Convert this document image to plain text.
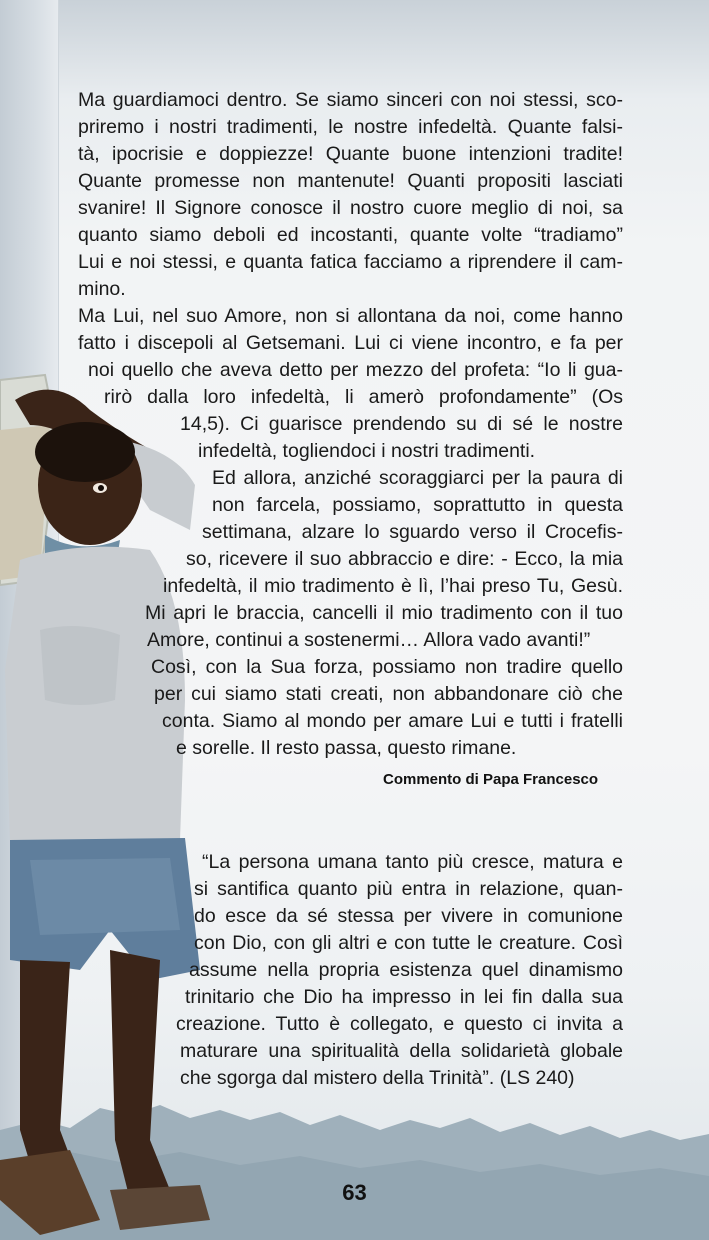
Ma guardiamoci dentro. Se siamo sinceri con noi stessi, sco-
priremo i nostri tradimenti, le nostre infedeltà. Quante falsi-
tà, ipocrisie e doppiezze! Quante buone intenzioni tradite!
Quante promesse non mantenute! Quanti propositi lasciati
svanire! Il Signore conosce il nostro cuore meglio di noi, sa
quanto siamo deboli ed incostanti, quante volte “tradiamo”
Lui e noi stessi, e quanta fatica facciamo a riprendere il cam-
mino.
Ma Lui, nel suo Amore, non si allontana da noi, come hanno
fatto i discepoli al Getsemani. Lui ci viene incontro, e fa per
noi quello che aveva detto per mezzo del profeta: “Io li gua-
rirò dalla loro infedeltà, li amerò profondamente” (Os
14,5). Ci guarisce prendendo su di sé le nostre
infedeltà, togliendoci i nostri tradimenti.
Ed allora, anziché scoraggiarci per la paura di
non farcela, possiamo, soprattutto in questa
settimana, alzare lo sguardo verso il Crocefis-
so, ricevere il suo abbraccio e dire: - Ecco, la mia
infedeltà, il mio tradimento è lì, l’hai preso Tu, Gesù.
Mi apri le braccia, cancelli il mio tradimento con il tuo
Amore, continui a sostenermi… Allora vado avanti!”
Così, con la Sua forza, possiamo non tradire quello
per cui siamo stati creati, non abbandonare ciò che
conta. Siamo al mondo per amare Lui e tutti i fratelli
e sorelle. Il resto passa, questo rimane.
Commento di Papa Francesco
“La persona umana tanto più cresce, matura e
si santifica quanto più entra in relazione, quan-
do esce da sé stessa per vivere in comunione
con Dio, con gli altri e con tutte le creature. Così
assume nella propria esistenza quel dinamismo
trinitario che Dio ha impresso in lei fin dalla sua
creazione. Tutto è collegato, e questo ci invita a
maturare una spiritualità della solidarietà globale
che sgorga dal mistero della Trinità”. (LS 240)
63
